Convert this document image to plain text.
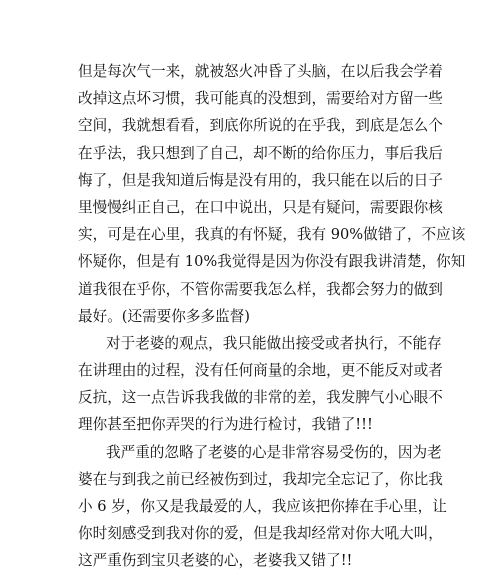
但是每次气一来，就被怒火冲昏了头脑，在以后我会学着
改掉这点坏习惯，我可能真的没想到，需要给对方留一些
空间，我就想看看，到底你所说的在乎我，到底是怎么个
在乎法，我只想到了自己，却不断的给你压力，事后我后
悔了，但是我知道后悔是没有用的，我只能在以后的日子
里慢慢纠正自己，在口中说出，只是有疑问，需要跟你核
实，可是在心里，我真的有怀疑，我有 90%做错了，不应该
怀疑你，但是有 10%我觉得是因为你没有跟我讲清楚，你知
道我很在乎你，不管你需要我怎么样，我都会努力的做到
最好。(还需要你多多监督)
对于老婆的观点，我只能做出接受或者执行，不能存
在讲理由的过程，没有任何商量的余地，更不能反对或者
反抗，这一点告诉我我做的非常的差，我发脾气小心眼不
理你甚至把你弄哭的行为进行检讨，我错了!!!
我严重的忽略了老婆的心是非常容易受伤的，因为老
婆在与到我之前已经被伤到过，我却完全忘记了，你比我
小 6 岁，你又是我最爱的人，我应该把你捧在手心里，让
你时刻感受到我对你的爱，但是我却经常对你大吼大叫，
这严重伤到宝贝老婆的心，老婆我又错了!!
